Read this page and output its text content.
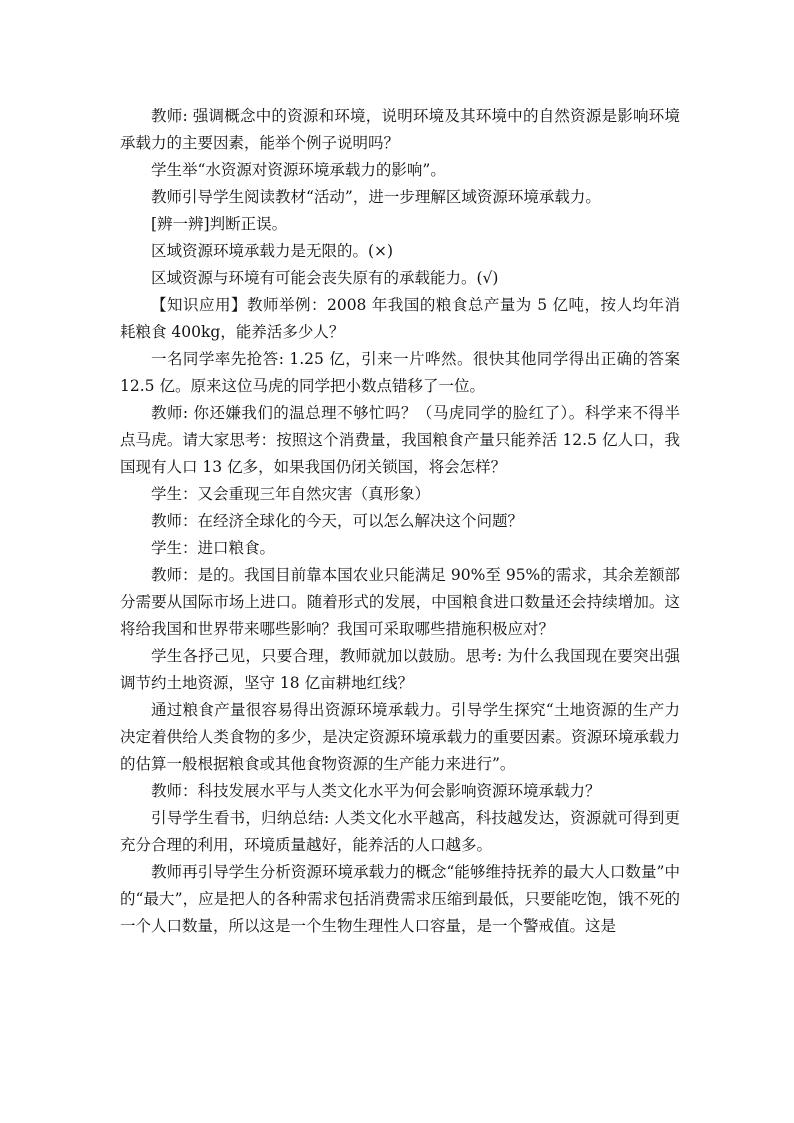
教师: 强调概念中的资源和环境，说明环境及其环境中的自然资源是影响环境承载力的主要因素，能举个例子说明吗？

学生举“水资源对资源环境承载力的影响”。

教师引导学生阅读教材“活动”，进一步理解区域资源环境承载力。

[辨一辨]判断正误。

区域资源环境承载力是无限的。(×)

区域资源与环境有可能会丧失原有的承载能力。(√)

【知识应用】教师举例：2008 年我国的粮食总产量为 5 亿吨，按人均年消耗粮食 400kg，能养活多少人？

一名同学率先抢答: 1.25 亿，引来一片哗然。很快其他同学得出正确的答案 12.5 亿。原来这位马虎的同学把小数点错移了一位。

教师: 你还嫌我们的温总理不够忙吗？（马虎同学的脸红了）。科学来不得半点马虎。请大家思考：按照这个消费量，我国粮食产量只能养活 12.5 亿人口，我国现有人口 13 亿多，如果我国仍闭关锁国，将会怎样？

学生：又会重现三年自然灾害（真形象）

教师：在经济全球化的今天，可以怎么解决这个问题？

学生：进口粮食。

教师：是的。我国目前靠本国农业只能满足 90%至 95%的需求，其余差额部分需要从国际市场上进口。随着形式的发展，中国粮食进口数量还会持续增加。这将给我国和世界带来哪些影响？我国可采取哪些措施积极应对？

学生各抒己见，只要合理，教师就加以鼓励。思考: 为什么我国现在要突出强调节约土地资源，坚守 18 亿亩耕地红线？

通过粮食产量很容易得出资源环境承载力。引导学生探究“土地资源的生产力决定着供给人类食物的多少，是决定资源环境承载力的重要因素。资源环境承载力的估算一般根据粮食或其他食物资源的生产能力来进行”。

教师：科技发展水平与人类文化水平为何会影响资源环境承载力？

引导学生看书，归纳总结: 人类文化水平越高，科技越发达，资源就可得到更充分合理的利用，环境质量越好，能养活的人口越多。

教师再引导学生分析资源环境承载力的概念“能够维持抚养的最大人口数量”中的“最大”，应是把人的各种需求包括消费需求压缩到最低，只要能吃饱，饿不死的一个人口数量，所以这是一个生物生理性人口容量，是一个警戒值。这是
